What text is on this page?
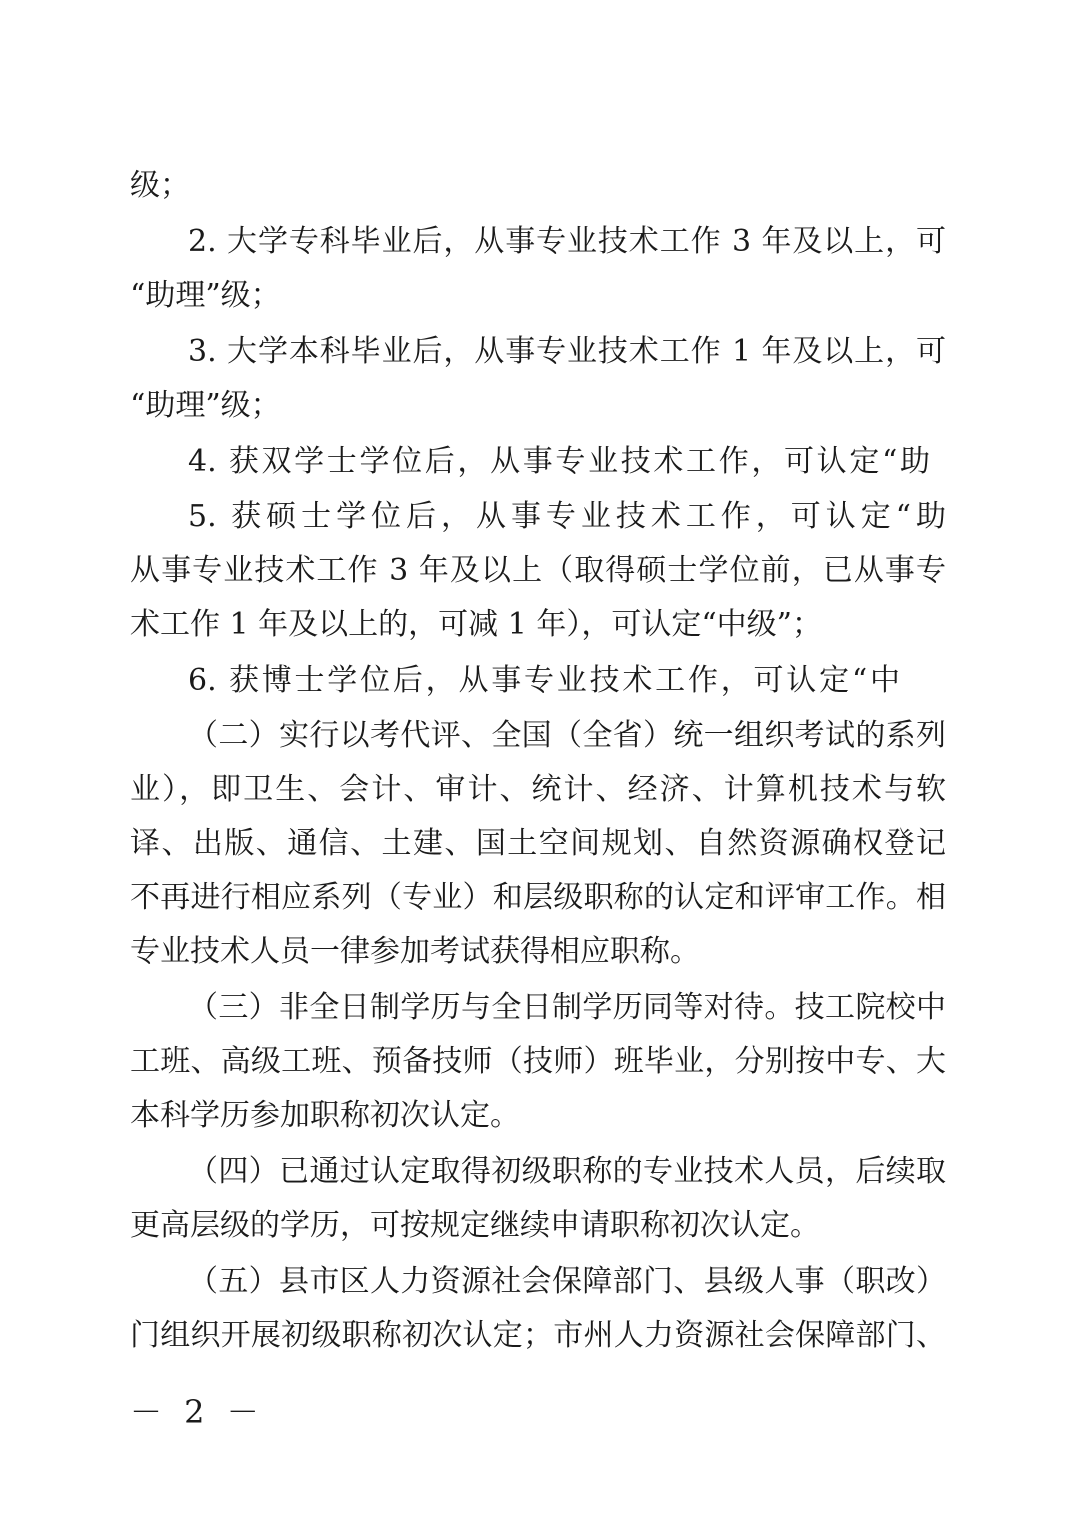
级；
2. 大学专科毕业后，从事专业技术工作 3 年及以上，可
“助理”级；
3. 大学本科毕业后，从事专业技术工作 1 年及以上，可
“助理”级；
4. 获双学士学位后，从事专业技术工作，可认定“助
5. 获硕士学位后，从事专业技术工作，可认定“助
从事专业技术工作 3 年及以上（取得硕士学位前，已从事专
术工作 1 年及以上的，可减 1 年），可认定“中级”；
6. 获博士学位后，从事专业技术工作，可认定“中
（二）实行以考代评、全国（全省）统一组织考试的系列
业），即卫生、会计、审计、统计、经济、计算机技术与软
译、出版、通信、土建、国土空间规划、自然资源确权登记
不再进行相应系列（专业）和层级职称的认定和评审工作。相
专业技术人员一律参加考试获得相应职称。
（三）非全日制学历与全日制学历同等对待。技工院校中
工班、高级工班、预备技师（技师）班毕业，分别按中专、大
本科学历参加职称初次认定。
（四）已通过认定取得初级职称的专业技术人员，后续取
更高层级的学历，可按规定继续申请职称初次认定。
（五）县市区人力资源社会保障部门、县级人事（职改）
门组织开展初级职称初次认定；市州人力资源社会保障部门、
－ 2 －
